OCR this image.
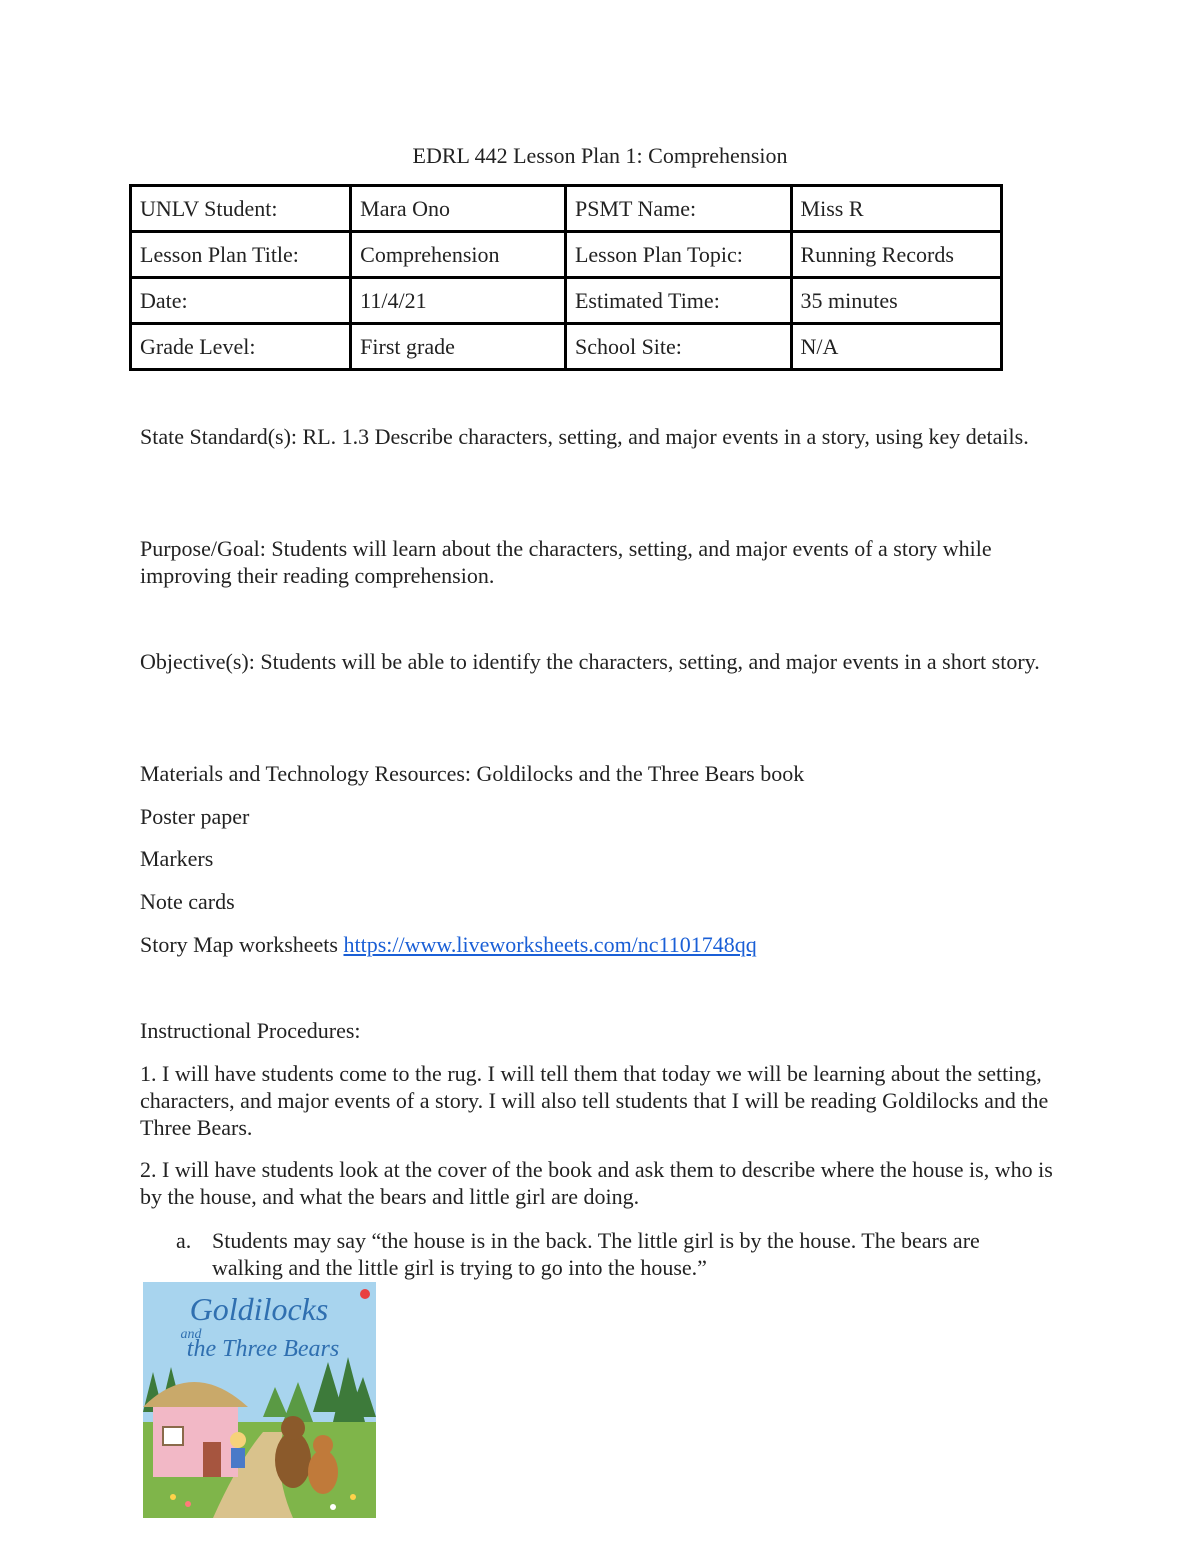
EDRL 442 Lesson Plan 1: Comprehension
UNLV Student:	Mara Ono	PSMT Name:	Miss R
Lesson Plan Title:	Comprehension	Lesson Plan Topic:	Running Records
Date:	11/4/21	Estimated Time:	35 minutes
Grade Level:	First grade	School Site:	N/A
State Standard(s): RL. 1.3 Describe characters, setting, and major events in a story, using key details.
Purpose/Goal: Students will learn about the characters, setting, and major events of a story while improving their reading comprehension.
Objective(s): Students will be able to identify the characters, setting, and major events in a short story.
Materials and Technology Resources: Goldilocks and the Three Bears book
Poster paper
Markers
Note cards
Story Map worksheets https://www.liveworksheets.com/nc1101748qq
Instructional Procedures:
1. I will have students come to the rug. I will tell them that today we will be learning about the setting, characters, and major events of a story. I will also tell students that I will be reading Goldilocks and the Three Bears.
2. I will have students look at the cover of the book and ask them to describe where the house is, who is by the house, and what the bears and little girl are doing.
a. Students may say “the house is in the back. The little girl is by the house. The bears are walking and the little girl is trying to go into the house.”
Goldilocks
and
the Three Bears
